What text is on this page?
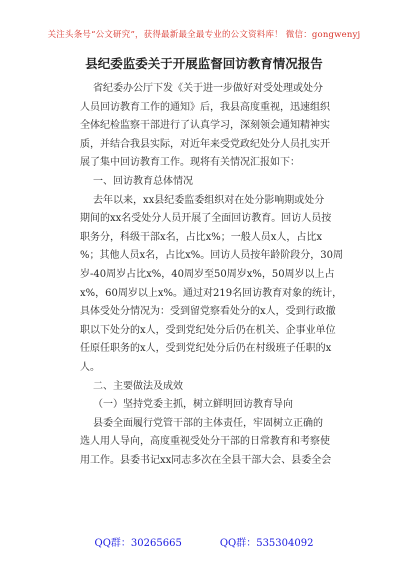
关注头条号“公文研究”，获得最新最全最专业的公文资料库！ 微信：gongwenyj
县纪委监委关于开展监督回访教育情况报告
省纪委办公厅下发《关于进一步做好对受处理或处分
人员回访教育工作的通知》后，我县高度重视，迅速组织
全体纪检监察干部进行了认真学习，深刻领会通知精神实
质，并结合我县实际，对近年来受党政纪处分人员扎实开
展了集中回访教育工作。现将有关情况汇报如下：
一、回访教育总体情况
去年以来，xx县纪委监委组织对在处分影响期或处分
期间的xx名受处分人员开展了全面回访教育。回访人员按
职务分，科级干部x名，占比x%；一般人员x人，占比x
%；其他人员x名，占比x%。回访人员按年龄阶段分，30周
岁-40周岁占比x%，40周岁至50周岁x%，50周岁以上占
x%，60周岁以上x%。通过对219名回访教育对象的统计，
具体受处分情况为：受到留党察看处分的x人，受到行政撤
职以下处分的x人，受到党纪处分后仍在机关、企事业单位
任原任职务的x人，受到党纪处分后仍在村级班子任职的x
人。
二、主要做法及成效
（一）坚持党委主抓，树立鲜明回访教育导向
县委全面履行党管干部的主体责任，牢固树立正确的
选人用人导向，高度重视受处分干部的日常教育和考察使
用工作。县委书记xx同志多次在全县干部大会、县委全会
QQ群：30265665	QQ群：535304092
